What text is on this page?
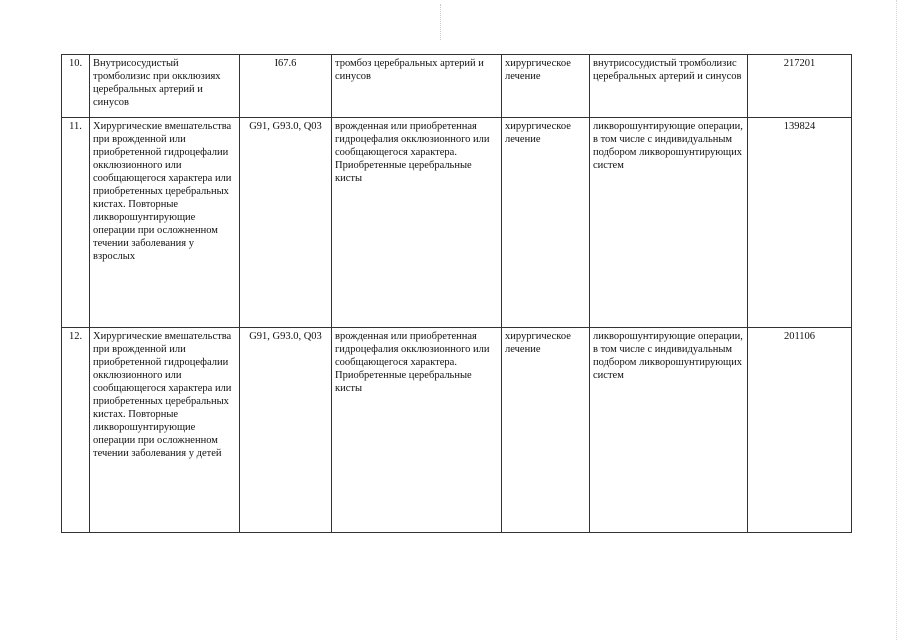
10.	Внутрисосудистый тромболизис при окклюзиях церебральных артерий и синусов	I67.6	тромбоз церебральных артерий и синусов	хирургическое лечение	внутрисосудистый тромболизис церебральных артерий и синусов	217201
11.	Хирургические вмешательства при врожденной или приобретенной гидроцефалии окклюзионного или сообщающегося характера или приобретенных церебральных кистах. Повторные ликворошунтирующие операции при осложненном течении заболевания у взрослых	G91, G93.0, Q03	врожденная или приобретенная гидроцефалия окклюзионного или сообщающегося характера. Приобретенные церебральные кисты	хирургическое лечение	ликворошунтирующие операции, в том числе с индивидуальным подбором ликворошунтирующих систем	139824
12.	Хирургические вмешательства при врожденной или приобретенной гидроцефалии окклюзионного или сообщающегося характера или приобретенных церебральных кистах. Повторные ликворошунтирующие операции при осложненном течении заболевания у детей	G91, G93.0, Q03	врожденная или приобретенная гидроцефалия окклюзионного или сообщающегося характера. Приобретенные церебральные кисты	хирургическое лечение	ликворошунтирующие операции, в том числе с индивидуальным подбором ликворошунтирующих систем	201106
